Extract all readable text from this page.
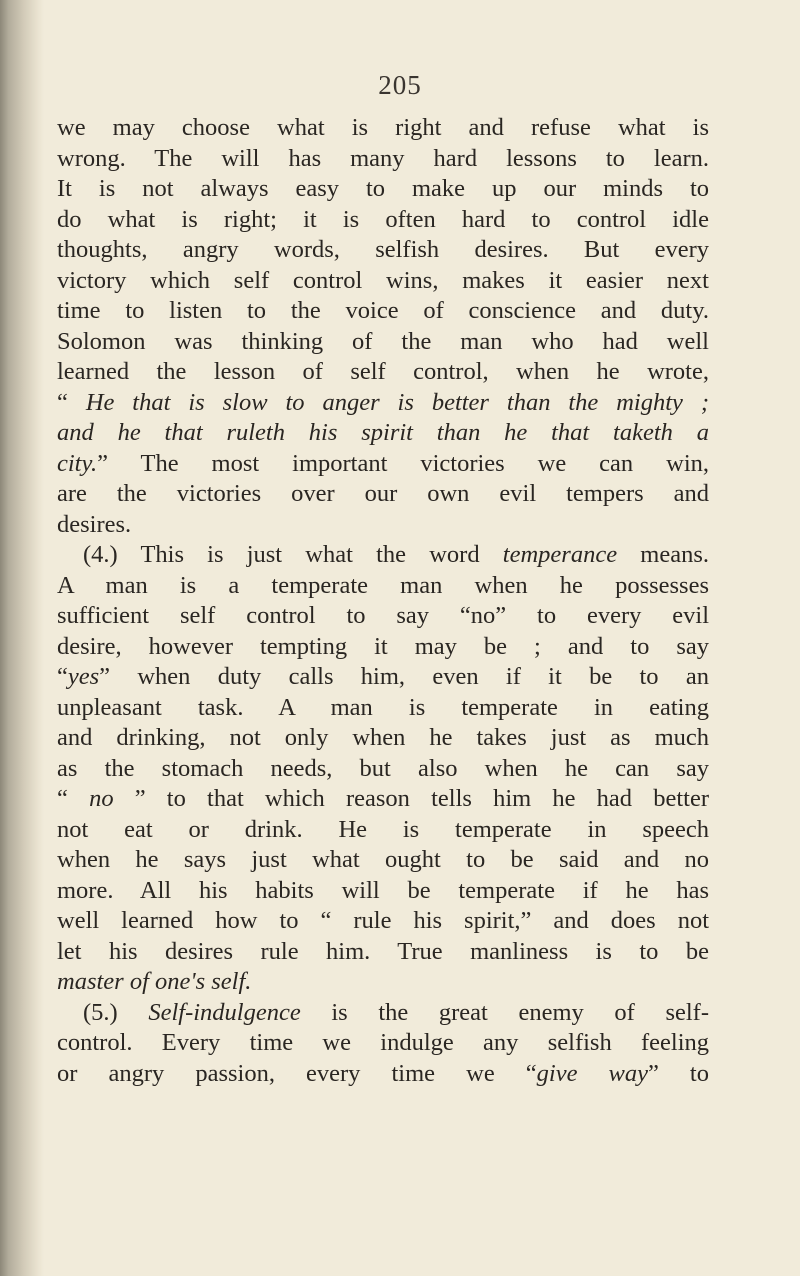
205
we may choose what is right and refuse what is
wrong. The will has many hard lessons to learn.
It is not always easy to make up our minds to
do what is right; it is often hard to control idle
thoughts, angry words, selfish desires. But every
victory which self control wins, makes it easier next
time to listen to the voice of conscience and duty.
Solomon was thinking of the man who had well
learned the lesson of self control, when he wrote,
“ He that is slow to anger is better than the mighty ;
and he that ruleth his spirit than he that taketh a
city.” The most important victories we can win,
are the victories over our own evil tempers and
desires.
(4.) This is just what the word temperance means.
A man is a temperate man when he possesses
sufficient self control to say “no” to every evil
desire, however tempting it may be ; and to say
“yes” when duty calls him, even if it be to an
unpleasant task. A man is temperate in eating
and drinking, not only when he takes just as much
as the stomach needs, but also when he can say
“ no ” to that which reason tells him he had better
not eat or drink. He is temperate in speech
when he says just what ought to be said and no
more. All his habits will be temperate if he has
well learned how to “ rule his spirit,” and does not
let his desires rule him. True manliness is to be
master of one's self.
(5.) Self-indulgence is the great enemy of self-
control. Every time we indulge any selfish feeling
or angry passion, every time we “give way” to
